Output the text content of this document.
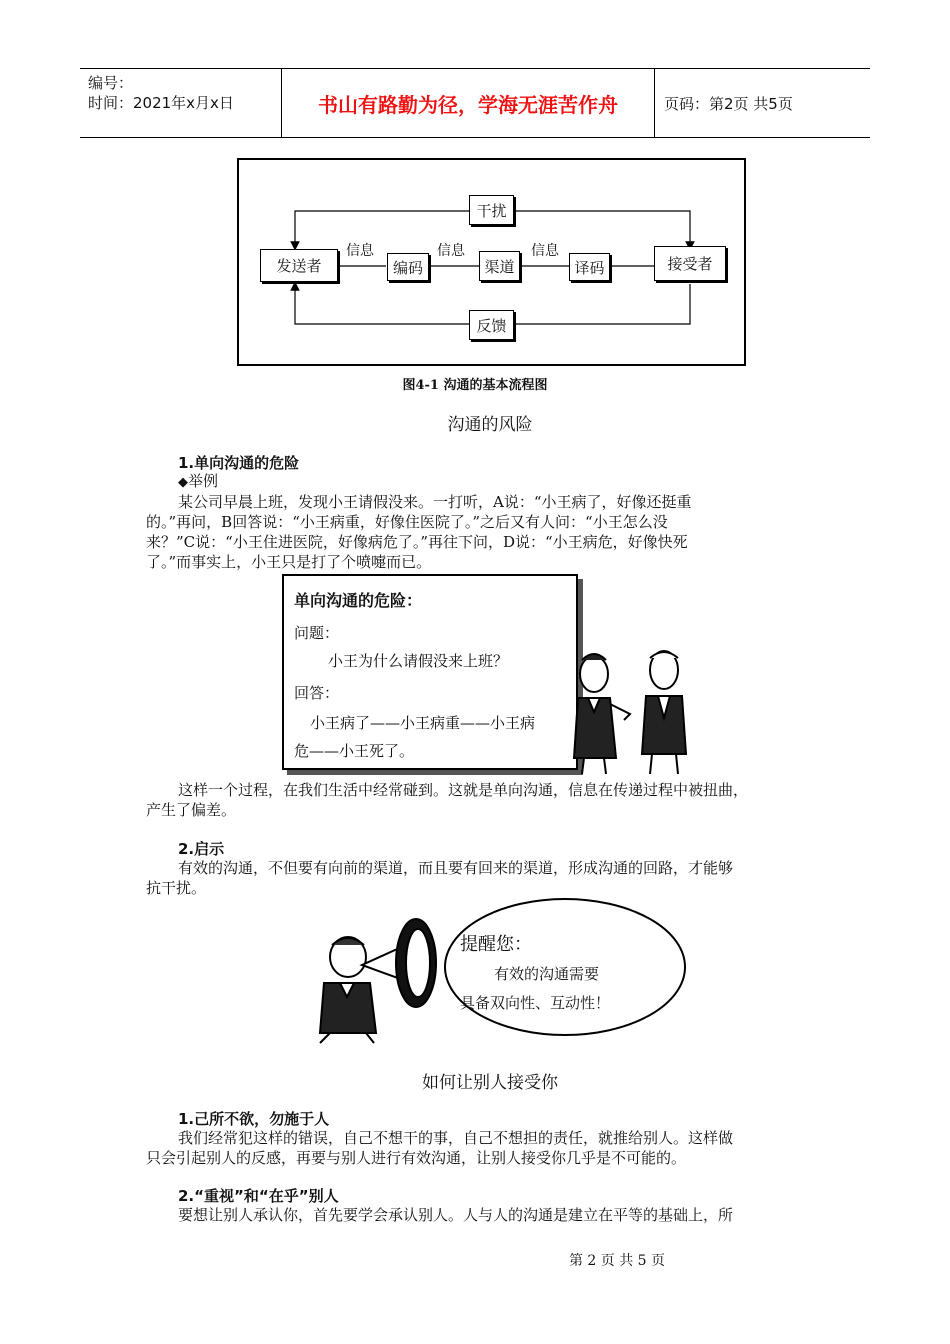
编号：
时间：2021年x月x日	书山有路勤为径，学海无涯苦作舟	页码：第2页 共5页
干扰
发送者	编码	渠道	译码	接受者
反馈
信息	信息	信息
图4-1 沟通的基本流程图
沟通的风险
1.单向沟通的危险
◆举例
某公司早晨上班，发现小王请假没来。一打听，A说：“小王病了，好像还挺重
的。”再问，B回答说：“小王病重，好像住医院了。”之后又有人问：“小王怎么没
来？”C说：“小王住进医院，好像病危了。”再往下问，D说：“小王病危，好像快死
了。”而事实上，小王只是打了个喷嚏而已。
单向沟通的危险：
问题：
小王为什么请假没来上班？
回答：
小王病了——小王病重——小王病
危——小王死了。
这样一个过程，在我们生活中经常碰到。这就是单向沟通，信息在传递过程中被扭曲，
产生了偏差。
2.启示
有效的沟通，不但要有向前的渠道，而且要有回来的渠道，形成沟通的回路，才能够
抗干扰。
提醒您：
有效的沟通需要
具备双向性、互动性！
如何让别人接受你
1.己所不欲，勿施于人
我们经常犯这样的错误，自己不想干的事，自己不想担的责任，就推给别人。这样做
只会引起别人的反感，再要与别人进行有效沟通，让别人接受你几乎是不可能的。
2.“重视”和“在乎”别人
要想让别人承认你，首先要学会承认别人。人与人的沟通是建立在平等的基础上，所
第 2 页 共 5 页
